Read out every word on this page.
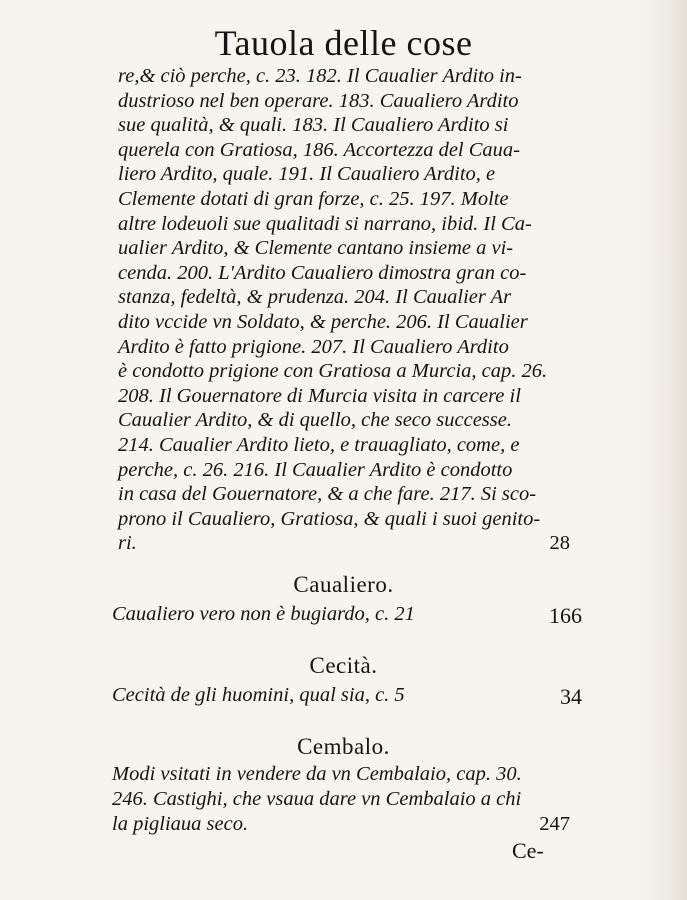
Tauola delle cose
re,& ciò perche, c. 23. 182. Il Caualier Ardito in-
dustrioso nel ben operare. 183. Caualiero Ardito
sue qualità, & quali. 183. Il Caualiero Ardito si
querela con Gratiosa, 186. Accortezza del Caua-
liero Ardito, quale. 191. Il Caualiero Ardito, e
Clemente dotati di gran forze, c. 25. 197. Molte
altre lodeuoli sue qualitadi si narrano, ibid. Il Ca-
ualier Ardito, & Clemente cantano insieme a vi-
cenda. 200. L'Ardito Caualiero dimostra gran co-
stanza, fedeltà, & prudenza. 204. Il Caualier Ar
dito vccide vn Soldato, & perche. 206. Il Caualier
Ardito è fatto prigione. 207. Il Caualiero Ardito
è condotto prigione con Gratiosa a Murcia, cap. 26.
208. Il Gouernatore di Murcia visita in carcere il
Caualier Ardito, & di quello, che seco successe.
214. Caualier Ardito lieto, e trauagliato, come, e
perche, c. 26. 216. Il Caualier Ardito è condotto
in casa del Gouernatore, & a che fare. 217. Si sco-
prono il Caualiero, Gratiosa, & quali i suoi genito-
ri.	28
Caualiero.
Caualiero vero non è bugiardo, c. 21	166
Cecità.
Cecità de gli huomini, qual sia, c. 5	34
Cembalo.
Modi vsitati in vendere da vn Cembalaio, cap. 30.
246. Castighi, che vsaua dare vn Cembalaio a chi
la pigliaua seco.	247
Ce-
